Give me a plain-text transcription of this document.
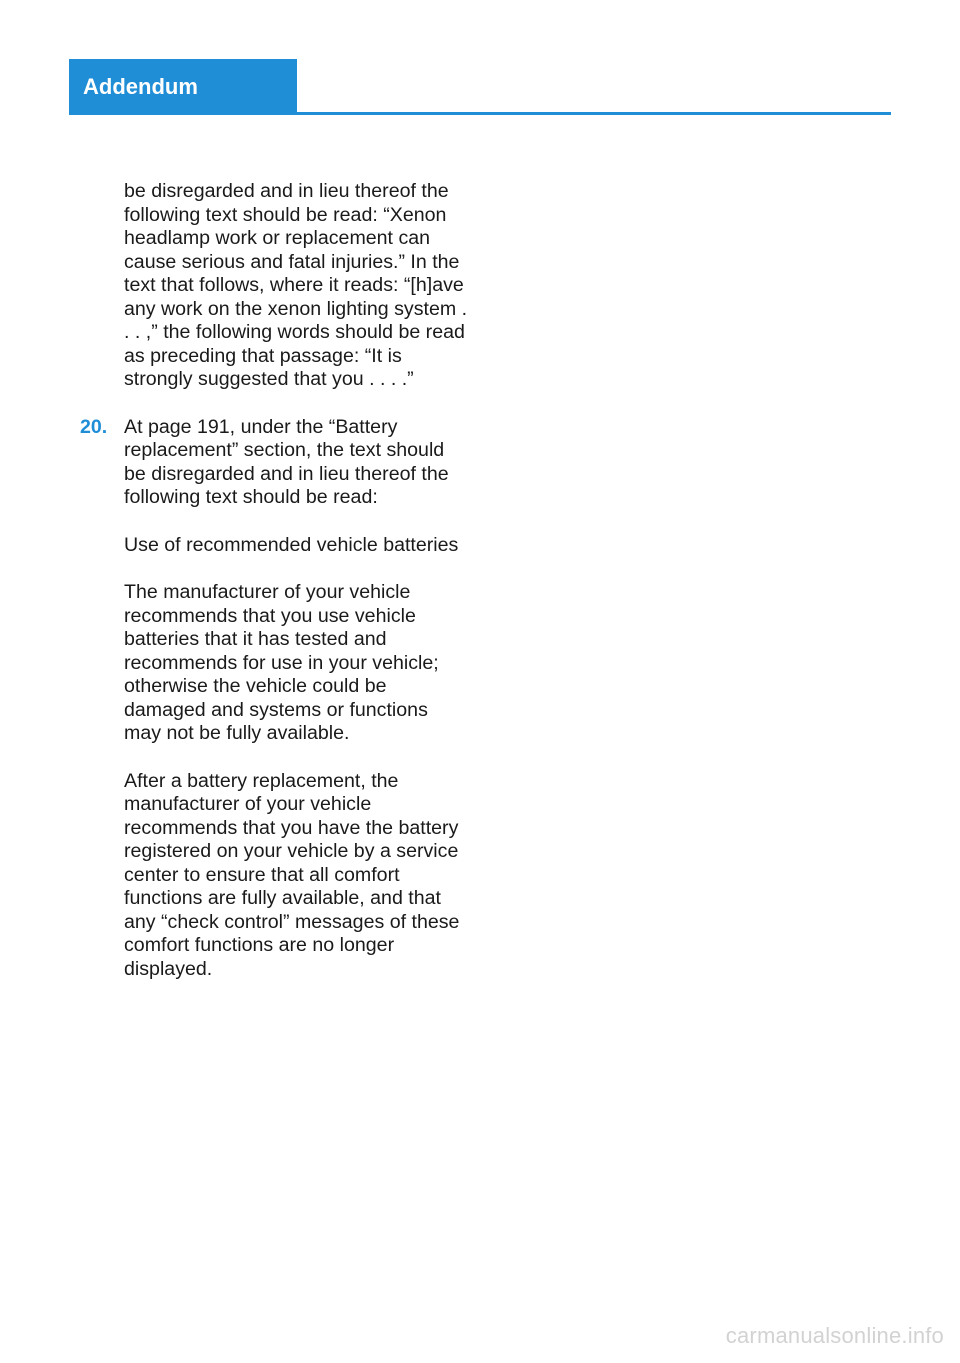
Addendum

be disregarded and in lieu thereof the following text should be read: “Xenon headlamp work or replacement can cause serious and fatal injuries.” In the text that follows, where it reads: “[h]ave any work on the xenon lighting system . . . ,” the following words should be read as preceding that passage: “It is strongly suggested that you . . . .”

20. At page 191, under the “Battery replacement” section, the text should be disregarded and in lieu thereof the following text should be read:

Use of recommended vehicle batteries

The manufacturer of your vehicle recommends that you use vehicle batteries that it has tested and recommends for use in your vehicle; otherwise the vehicle could be damaged and systems or functions may not be fully available.

After a battery replacement, the manufacturer of your vehicle recommends that you have the battery registered on your vehicle by a service center to ensure that all comfort functions are fully available, and that any “check control” messages of these comfort functions are no longer displayed.

carmanualsonline.info
